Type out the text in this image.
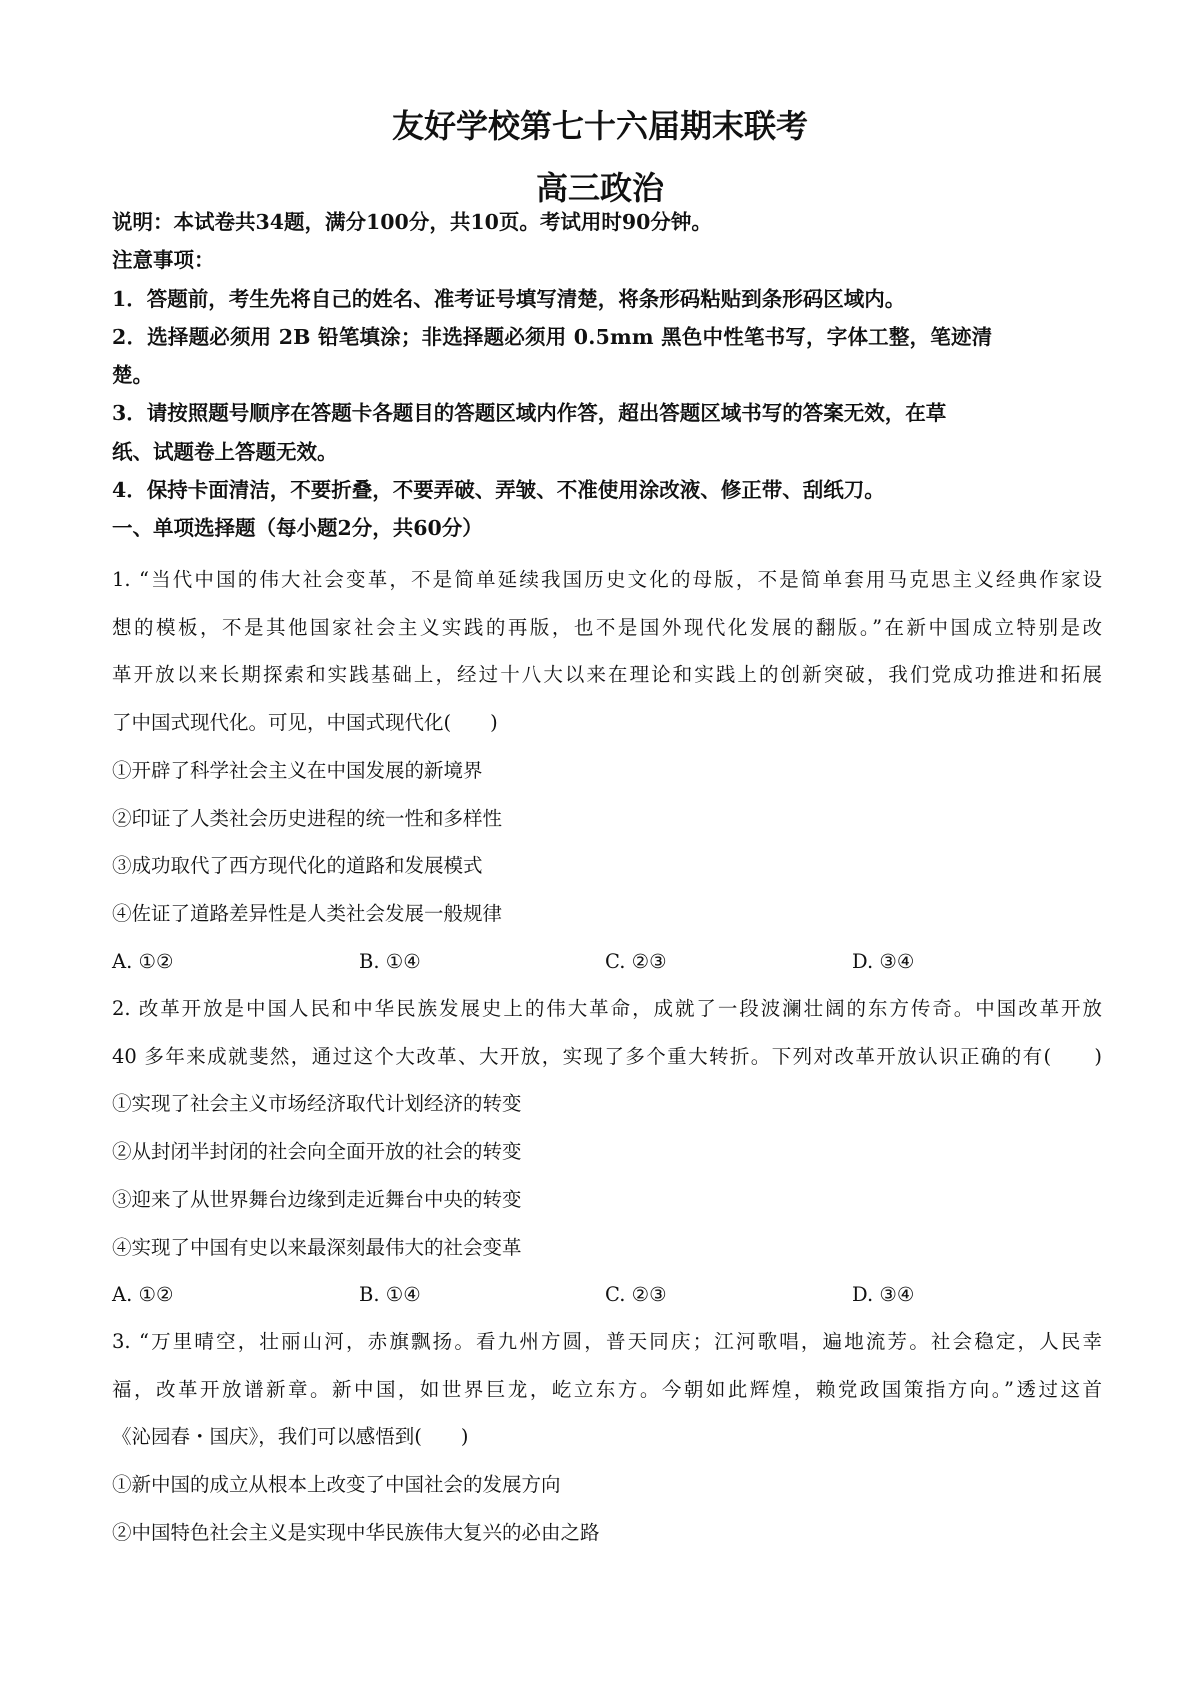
友好学校第七十六届期末联考
高三政治
说明：本试卷共34题，满分100分，共10页。考试用时90分钟。
注意事项：
1．答题前，考生先将自己的姓名、准考证号填写清楚，将条形码粘贴到条形码区域内。
2．选择题必须用 2B 铅笔填涂；非选择题必须用 0.5mm 黑色中性笔书写，字体工整，笔迹清
楚。
3．请按照题号顺序在答题卡各题目的答题区域内作答，超出答题区域书写的答案无效，在草
纸、试题卷上答题无效。
4．保持卡面清洁，不要折叠，不要弄破、弄皱、不准使用涂改液、修正带、刮纸刀。
一、单项选择题（每小题2分，共60分）
1. “当代中国的伟大社会变革，不是简单延续我国历史文化的母版，不是简单套用马克思主义经典作家设
想的模板，不是其他国家社会主义实践的再版，也不是国外现代化发展的翻版。”在新中国成立特别是改
革开放以来长期探索和实践基础上，经过十八大以来在理论和实践上的创新突破，我们党成功推进和拓展
了中国式现代化。可见，中国式现代化(　　)
①开辟了科学社会主义在中国发展的新境界
②印证了人类社会历史进程的统一性和多样性
③成功取代了西方现代化的道路和发展模式
④佐证了道路差异性是人类社会发展一般规律
A. ①②	B. ①④	C. ②③	D. ③④
2. 改革开放是中国人民和中华民族发展史上的伟大革命，成就了一段波澜壮阔的东方传奇。中国改革开放
40 多年来成就斐然，通过这个大改革、大开放，实现了多个重大转折。下列对改革开放认识正确的有(　　)
①实现了社会主义市场经济取代计划经济的转变
②从封闭半封闭的社会向全面开放的社会的转变
③迎来了从世界舞台边缘到走近舞台中央的转变
④实现了中国有史以来最深刻最伟大的社会变革
A. ①②	B. ①④	C. ②③	D. ③④
3. “万里晴空，壮丽山河，赤旗飘扬。看九州方圆，普天同庆；江河歌唱，遍地流芳。社会稳定，人民幸
福，改革开放谱新章。新中国，如世界巨龙，屹立东方。今朝如此辉煌，赖党政国策指方向。”透过这首
《沁园春・国庆》，我们可以感悟到(　　)
①新中国的成立从根本上改变了中国社会的发展方向
②中国特色社会主义是实现中华民族伟大复兴的必由之路
